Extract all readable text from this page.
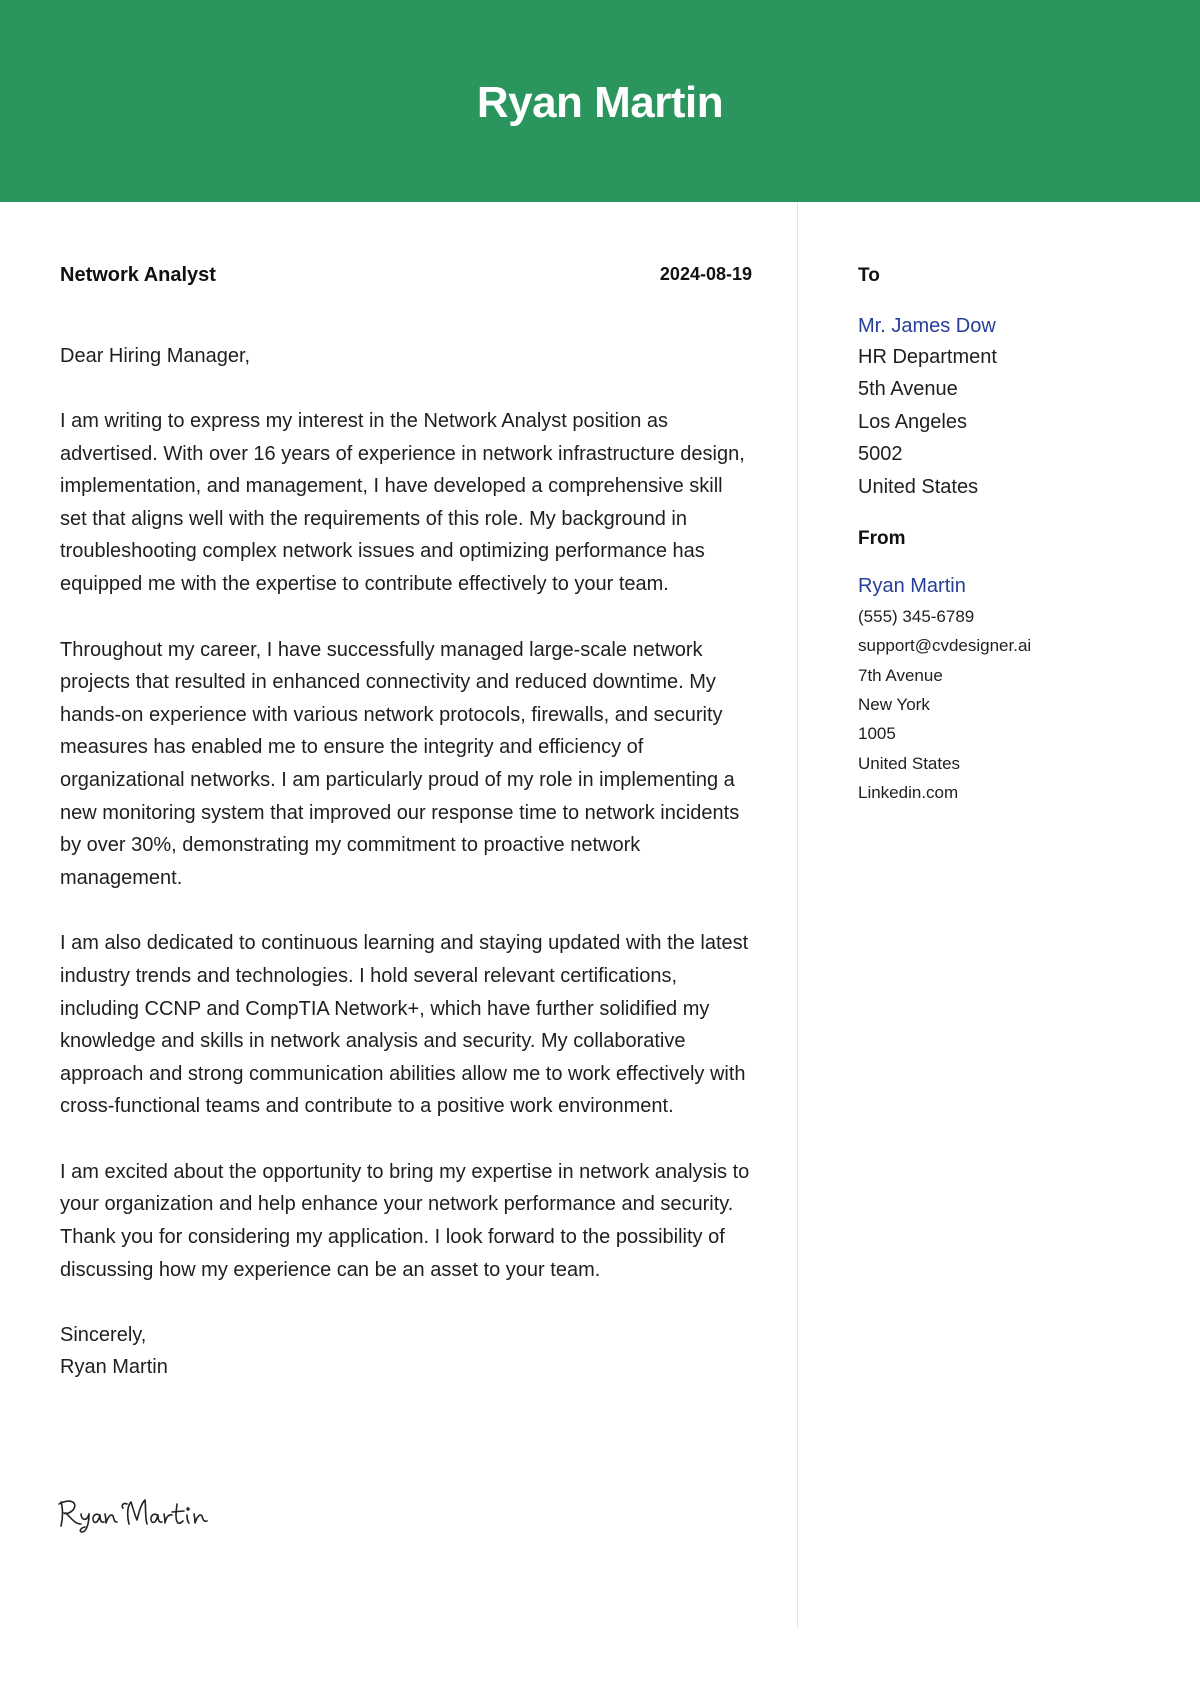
Ryan Martin
Network Analyst	2024-08-19
Dear Hiring Manager,
I am writing to express my interest in the Network Analyst position as advertised. With over 16 years of experience in network infrastructure design, implementation, and management, I have developed a comprehensive skill set that aligns well with the requirements of this role. My background in troubleshooting complex network issues and optimizing performance has equipped me with the expertise to contribute effectively to your team.
Throughout my career, I have successfully managed large-scale network projects that resulted in enhanced connectivity and reduced downtime. My hands-on experience with various network protocols, firewalls, and security measures has enabled me to ensure the integrity and efficiency of organizational networks. I am particularly proud of my role in implementing a new monitoring system that improved our response time to network incidents by over 30%, demonstrating my commitment to proactive network management.
I am also dedicated to continuous learning and staying updated with the latest industry trends and technologies. I hold several relevant certifications, including CCNP and CompTIA Network+, which have further solidified my knowledge and skills in network analysis and security. My collaborative approach and strong communication abilities allow me to work effectively with cross-functional teams and contribute to a positive work environment.
I am excited about the opportunity to bring my expertise in network analysis to your organization and help enhance your network performance and security. Thank you for considering my application. I look forward to the possibility of discussing how my experience can be an asset to your team.
Sincerely,
Ryan Martin
To
Mr. James Dow
HR Department
5th Avenue
Los Angeles
5002
United States
From
Ryan Martin
(555) 345-6789
support@cvdesigner.ai
7th Avenue
New York
1005
United States
Linkedin.com
